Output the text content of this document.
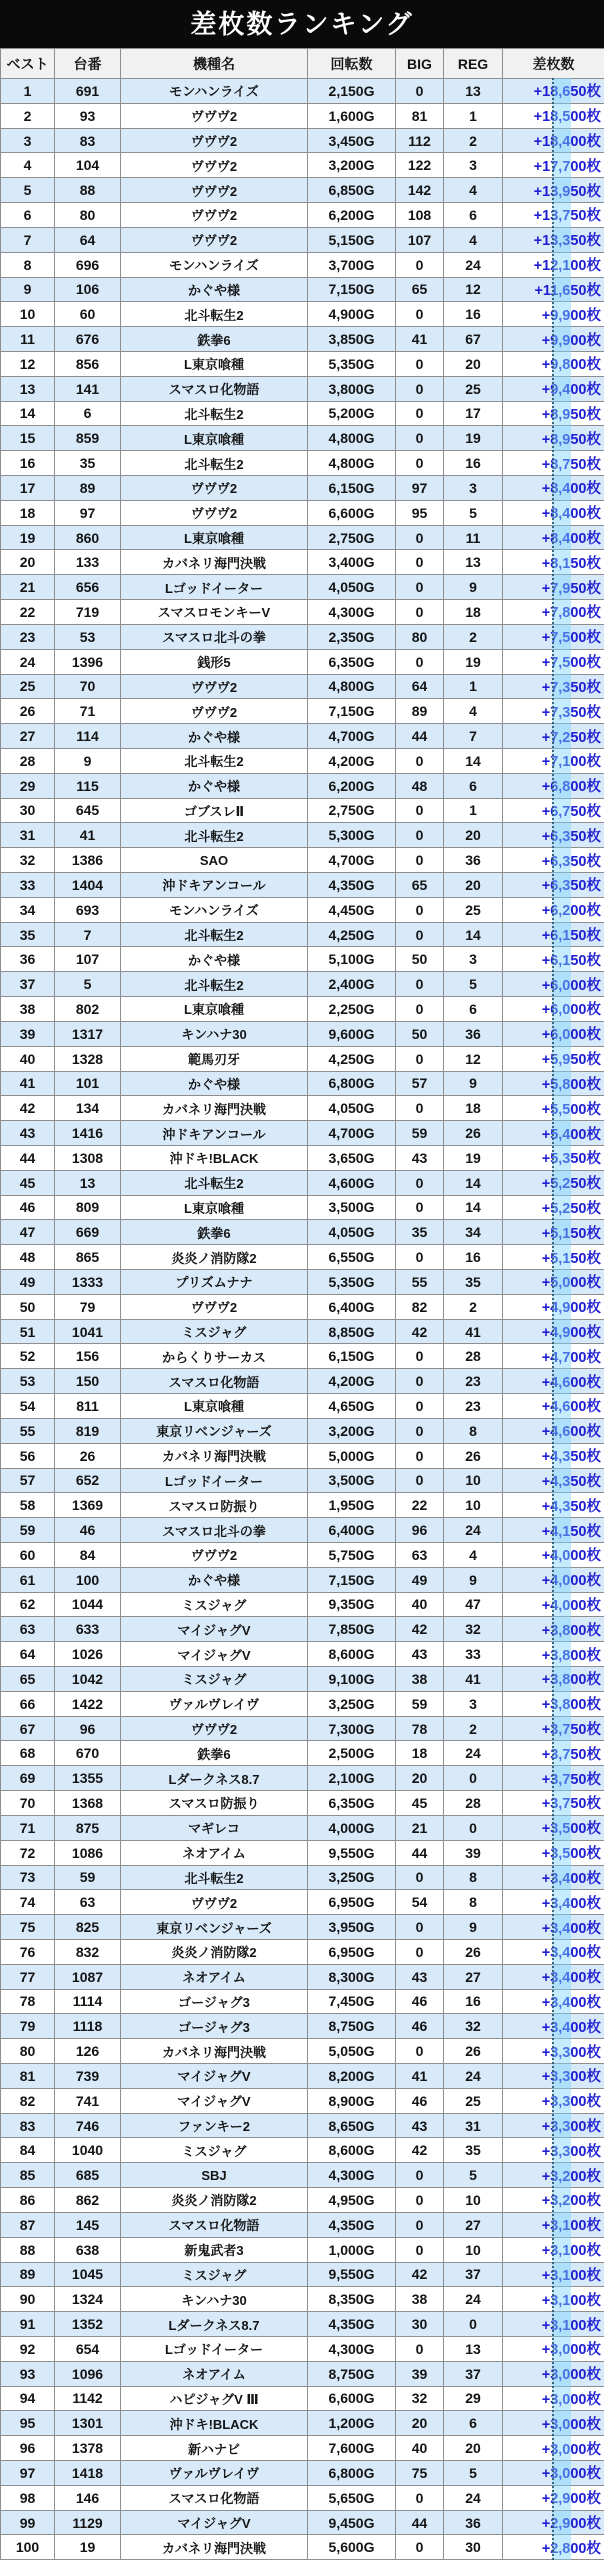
差枚数ランキング
ベスト	台番	機種名	回転数	BIG	REG	差枚数
1	691	モンハンライズ	2,150G	0	13	+18,650枚
2	93	ヴヴヴ2	1,600G	81	1	+18,500枚
3	83	ヴヴヴ2	3,450G	112	2	+18,400枚
4	104	ヴヴヴ2	3,200G	122	3	+17,700枚
5	88	ヴヴヴ2	6,850G	142	4	+13,950枚
6	80	ヴヴヴ2	6,200G	108	6	+13,750枚
7	64	ヴヴヴ2	5,150G	107	4	+13,350枚
8	696	モンハンライズ	3,700G	0	24	+12,100枚
9	106	かぐや様	7,150G	65	12	+11,650枚
10	60	北斗転生2	4,900G	0	16	+9,900枚
11	676	鉄拳6	3,850G	41	67	+9,900枚
12	856	L東京喰種	5,350G	0	20	+9,800枚
13	141	スマスロ化物語	3,800G	0	25	+9,400枚
14	6	北斗転生2	5,200G	0	17	+8,950枚
15	859	L東京喰種	4,800G	0	19	+8,950枚
16	35	北斗転生2	4,800G	0	16	+8,750枚
17	89	ヴヴヴ2	6,150G	97	3	+8,400枚
18	97	ヴヴヴ2	6,600G	95	5	+8,400枚
19	860	L東京喰種	2,750G	0	11	+8,400枚
20	133	カバネリ海門決戦	3,400G	0	13	+8,150枚
21	656	Lゴッドイーター	4,050G	0	9	+7,950枚
22	719	スマスロモンキーV	4,300G	0	18	+7,800枚
23	53	スマスロ北斗の拳	2,350G	80	2	+7,500枚
24	1396	銭形5	6,350G	0	19	+7,500枚
25	70	ヴヴヴ2	4,800G	64	1	+7,350枚
26	71	ヴヴヴ2	7,150G	89	4	+7,350枚
27	114	かぐや様	4,700G	44	7	+7,250枚
28	9	北斗転生2	4,200G	0	14	+7,100枚
29	115	かぐや様	6,200G	48	6	+6,800枚
30	645	ゴブスレⅡ	2,750G	0	1	+6,750枚
31	41	北斗転生2	5,300G	0	20	+6,350枚
32	1386	SAO	4,700G	0	36	+6,350枚
33	1404	沖ドキアンコール	4,350G	65	20	+6,350枚
34	693	モンハンライズ	4,450G	0	25	+6,200枚
35	7	北斗転生2	4,250G	0	14	+6,150枚
36	107	かぐや様	5,100G	50	3	+6,150枚
37	5	北斗転生2	2,400G	0	5	+6,000枚
38	802	L東京喰種	2,250G	0	6	+6,000枚
39	1317	キンハナ30	9,600G	50	36	+6,000枚
40	1328	範馬刃牙	4,250G	0	12	+5,950枚
41	101	かぐや様	6,800G	57	9	+5,800枚
42	134	カバネリ海門決戦	4,050G	0	18	+5,500枚
43	1416	沖ドキアンコール	4,700G	59	26	+5,400枚
44	1308	沖ドキ!BLACK	3,650G	43	19	+5,350枚
45	13	北斗転生2	4,600G	0	14	+5,250枚
46	809	L東京喰種	3,500G	0	14	+5,250枚
47	669	鉄拳6	4,050G	35	34	+5,150枚
48	865	炎炎ノ消防隊2	6,550G	0	16	+5,150枚
49	1333	プリズムナナ	5,350G	55	35	+5,000枚
50	79	ヴヴヴ2	6,400G	82	2	+4,900枚
51	1041	ミスジャグ	8,850G	42	41	+4,900枚
52	156	からくりサーカス	6,150G	0	28	+4,700枚
53	150	スマスロ化物語	4,200G	0	23	+4,600枚
54	811	L東京喰種	4,650G	0	23	+4,600枚
55	819	東京リベンジャーズ	3,200G	0	8	+4,600枚
56	26	カバネリ海門決戦	5,000G	0	26	+4,350枚
57	652	Lゴッドイーター	3,500G	0	10	+4,350枚
58	1369	スマスロ防振り	1,950G	22	10	+4,350枚
59	46	スマスロ北斗の拳	6,400G	96	24	+4,150枚
60	84	ヴヴヴ2	5,750G	63	4	+4,000枚
61	100	かぐや様	7,150G	49	9	+4,000枚
62	1044	ミスジャグ	9,350G	40	47	+4,000枚
63	633	マイジャグV	7,850G	42	32	+3,800枚
64	1026	マイジャグV	8,600G	43	33	+3,800枚
65	1042	ミスジャグ	9,100G	38	41	+3,800枚
66	1422	ヴァルヴレイヴ	3,250G	59	3	+3,800枚
67	96	ヴヴヴ2	7,300G	78	2	+3,750枚
68	670	鉄拳6	2,500G	18	24	+3,750枚
69	1355	Lダークネス8.7	2,100G	20	0	+3,750枚
70	1368	スマスロ防振り	6,350G	45	28	+3,750枚
71	875	マギレコ	4,000G	21	0	+3,500枚
72	1086	ネオアイム	9,550G	44	39	+3,500枚
73	59	北斗転生2	3,250G	0	8	+3,400枚
74	63	ヴヴヴ2	6,950G	54	8	+3,400枚
75	825	東京リベンジャーズ	3,950G	0	9	+3,400枚
76	832	炎炎ノ消防隊2	6,950G	0	26	+3,400枚
77	1087	ネオアイム	8,300G	43	27	+3,400枚
78	1114	ゴージャグ3	7,450G	46	16	+3,400枚
79	1118	ゴージャグ3	8,750G	46	32	+3,400枚
80	126	カバネリ海門決戦	5,050G	0	26	+3,300枚
81	739	マイジャグV	8,200G	41	24	+3,300枚
82	741	マイジャグV	8,900G	46	25	+3,300枚
83	746	ファンキー2	8,650G	43	31	+3,300枚
84	1040	ミスジャグ	8,600G	42	35	+3,300枚
85	685	SBJ	4,300G	0	5	+3,200枚
86	862	炎炎ノ消防隊2	4,950G	0	10	+3,200枚
87	145	スマスロ化物語	4,350G	0	27	+3,100枚
88	638	新鬼武者3	1,000G	0	10	+3,100枚
89	1045	ミスジャグ	9,550G	42	37	+3,100枚
90	1324	キンハナ30	8,350G	38	24	+3,100枚
91	1352	Lダークネス8.7	4,350G	30	0	+3,100枚
92	654	Lゴッドイーター	4,300G	0	13	+3,000枚
93	1096	ネオアイム	8,750G	39	37	+3,000枚
94	1142	ハピジャグV Ⅲ	6,600G	32	29	+3,000枚
95	1301	沖ドキ!BLACK	1,200G	20	6	+3,000枚
96	1378	新ハナビ	7,600G	40	20	+3,000枚
97	1418	ヴァルヴレイヴ	6,800G	75	5	+3,000枚
98	146	スマスロ化物語	5,650G	0	24	+2,900枚
99	1129	マイジャグV	9,450G	44	36	+2,900枚
100	19	カバネリ海門決戦	5,600G	0	30	+2,800枚
